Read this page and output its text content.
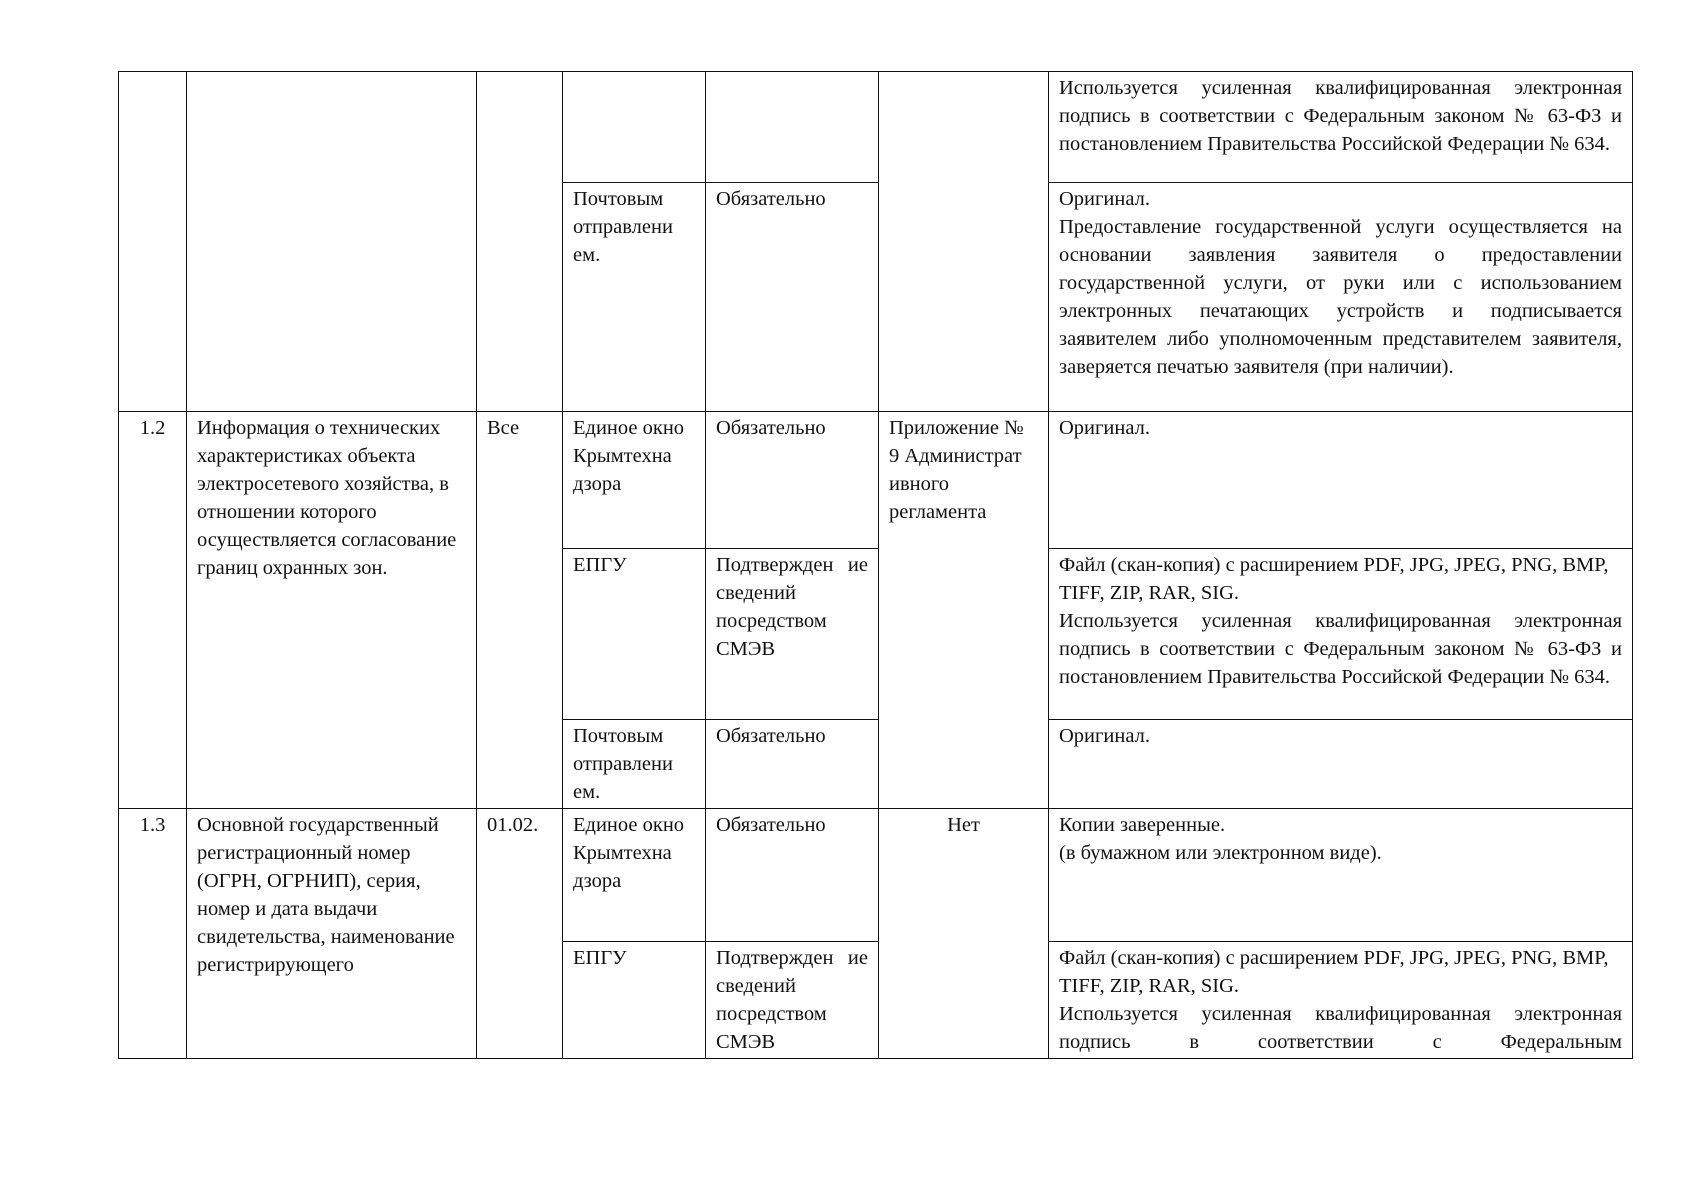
						Используется усиленная квалифицированная электронная подпись в соответствии с Федеральным законом № 63-ФЗ и постановлением Правительства Российской Федерации № 634.
			Почтовым отправлени ем.	Обязательно		Оригинал.
Предоставление государственной услуги осуществляется на основании заявления заявителя о предоставлении государственной услуги, от руки или с использованием электронных печатающих устройств и подписывается заявителем либо уполномоченным представителем заявителя, заверяется печатью заявителя (при наличии).

1.2	Информация о технических характеристиках объекта электросетевого хозяйства, в отношении которого осуществляется согласование границ охранных зон.	Все	Единое окно Крымтехна дзора	Обязательно	Приложение № 9 Администрат ивного регламента	Оригинал.
			ЕПГУ	Подтвержден ие сведений посредством СМЭВ		Файл (скан-копия) с расширением PDF, JPG, JPEG, PNG, BMP, TIFF, ZIP, RAR, SIG.
Используется усиленная квалифицированная электронная подпись в соответствии с Федеральным законом № 63-ФЗ и постановлением Правительства Российской Федерации № 634.

			Почтовым отправлени ем.	Обязательно		Оригинал.
1.3	Основной государственный регистрационный номер (ОГРН, ОГРНИП), серия, номер и дата выдачи свидетельства, наименование регистрирующего	01.02.	Единое окно Крымтехна дзора	Обязательно	Нет	Копии заверенные.
(в бумажном или электронном виде).

			ЕПГУ	Подтвержден ие сведений посредством СМЭВ		Файл (скан-копия) с расширением PDF, JPG, JPEG, PNG, BMP, TIFF, ZIP, RAR, SIG.
Используется усиленная квалифицированная электронная подпись в соответствии с Федеральным
